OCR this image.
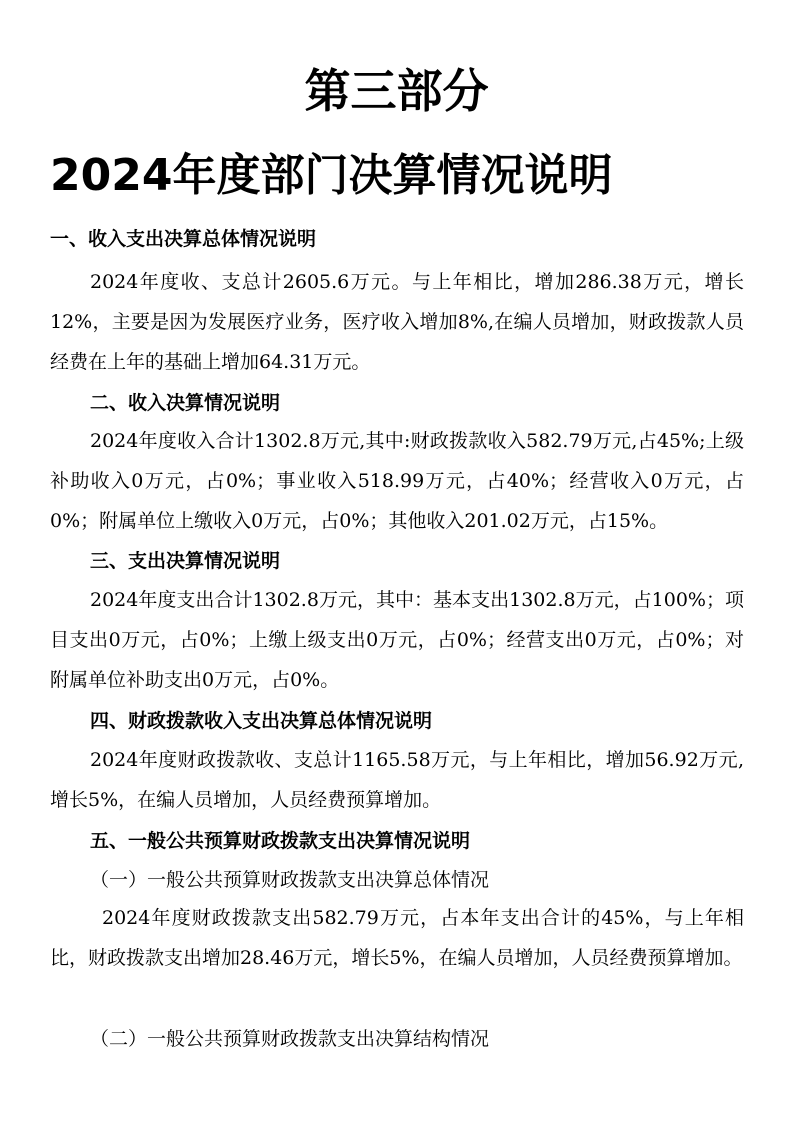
第三部分
2024年度部门决算情况说明
一、收入支出决算总体情况说明
2024年度收、支总计2605.6万元。与上年相比，增加286.38万元，增长12%，主要是因为发展医疗业务，医疗收入增加8%,在编人员增加，财政拨款人员经费在上年的基础上增加64.31万元。
二、收入决算情况说明
2024年度收入合计1302.8万元,其中:财政拨款收入582.79万元,占45%;上级补助收入0万元，占0%；事业收入518.99万元，占40%；经营收入0万元，占0%；附属单位上缴收入0万元，占0%；其他收入201.02万元，占15%。
三、支出决算情况说明
2024年度支出合计1302.8万元，其中：基本支出1302.8万元，占100%；项目支出0万元，占0%；上缴上级支出0万元，占0%；经营支出0万元，占0%；对附属单位补助支出0万元，占0%。
四、财政拨款收入支出决算总体情况说明
2024年度财政拨款收、支总计1165.58万元，与上年相比，增加56.92万元,增长5%，在编人员增加，人员经费预算增加。
五、一般公共预算财政拨款支出决算情况说明
（一）一般公共预算财政拨款支出决算总体情况
2024年度财政拨款支出582.79万元，占本年支出合计的45%，与上年相比，财政拨款支出增加28.46万元，增长5%，在编人员增加，人员经费预算增加。
（二）一般公共预算财政拨款支出决算结构情况
